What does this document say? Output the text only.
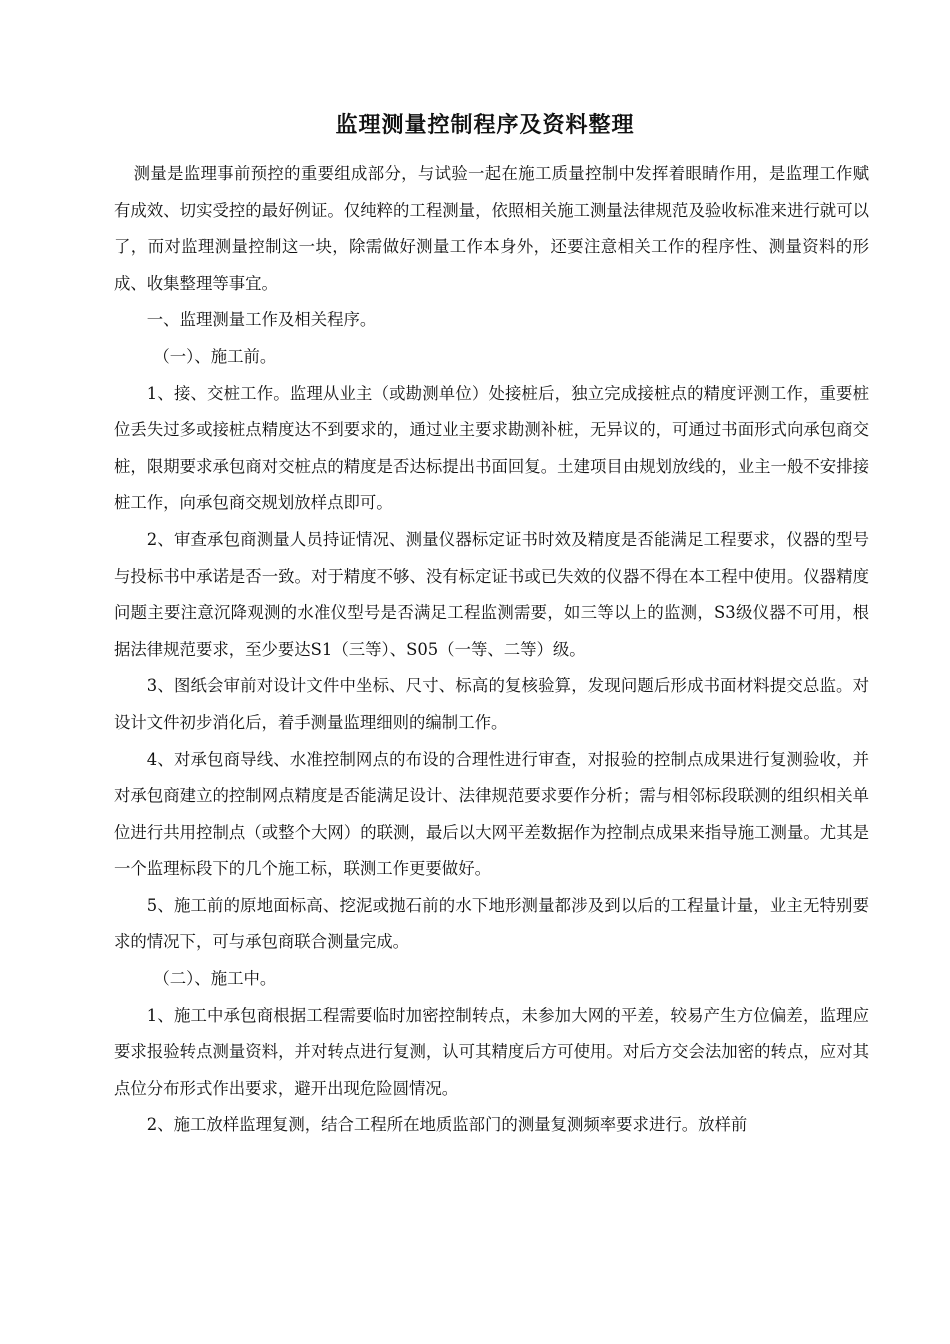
监理测量控制程序及资料整理

测量是监理事前预控的重要组成部分，与试验一起在施工质量控制中发挥着眼睛作用，是监理工作赋有成效、切实受控的最好例证。仅纯粹的工程测量，依照相关施工测量法律规范及验收标准来进行就可以了，而对监理测量控制这一块，除需做好测量工作本身外，还要注意相关工作的程序性、测量资料的形成、收集整理等事宜。

一、监理测量工作及相关程序。

（一）、施工前。

1、接、交桩工作。监理从业主（或勘测单位）处接桩后，独立完成接桩点的精度评测工作，重要桩位丢失过多或接桩点精度达不到要求的，通过业主要求勘测补桩，无异议的，可通过书面形式向承包商交桩，限期要求承包商对交桩点的精度是否达标提出书面回复。土建项目由规划放线的，业主一般不安排接桩工作，向承包商交规划放样点即可。

2、审查承包商测量人员持证情况、测量仪器标定证书时效及精度是否能满足工程要求，仪器的型号与投标书中承诺是否一致。对于精度不够、没有标定证书或已失效的仪器不得在本工程中使用。仪器精度问题主要注意沉降观测的水准仪型号是否满足工程监测需要，如三等以上的监测，S3级仪器不可用，根据法律规范要求，至少要达S1（三等）、S05（一等、二等）级。

3、图纸会审前对设计文件中坐标、尺寸、标高的复核验算，发现问题后形成书面材料提交总监。对设计文件初步消化后，着手测量监理细则的编制工作。

4、对承包商导线、水准控制网点的布设的合理性进行审查，对报验的控制点成果进行复测验收，并对承包商建立的控制网点精度是否能满足设计、法律规范要求要作分析；需与相邻标段联测的组织相关单位进行共用控制点（或整个大网）的联测，最后以大网平差数据作为控制点成果来指导施工测量。尤其是一个监理标段下的几个施工标，联测工作更要做好。

5、施工前的原地面标高、挖泥或抛石前的水下地形测量都涉及到以后的工程量计量，业主无特别要求的情况下，可与承包商联合测量完成。

（二）、施工中。

1、施工中承包商根据工程需要临时加密控制转点，未参加大网的平差，较易产生方位偏差，监理应要求报验转点测量资料，并对转点进行复测，认可其精度后方可使用。对后方交会法加密的转点，应对其点位分布形式作出要求，避开出现危险圆情况。

2、施工放样监理复测，结合工程所在地质监部门的测量复测频率要求进行。放样前
